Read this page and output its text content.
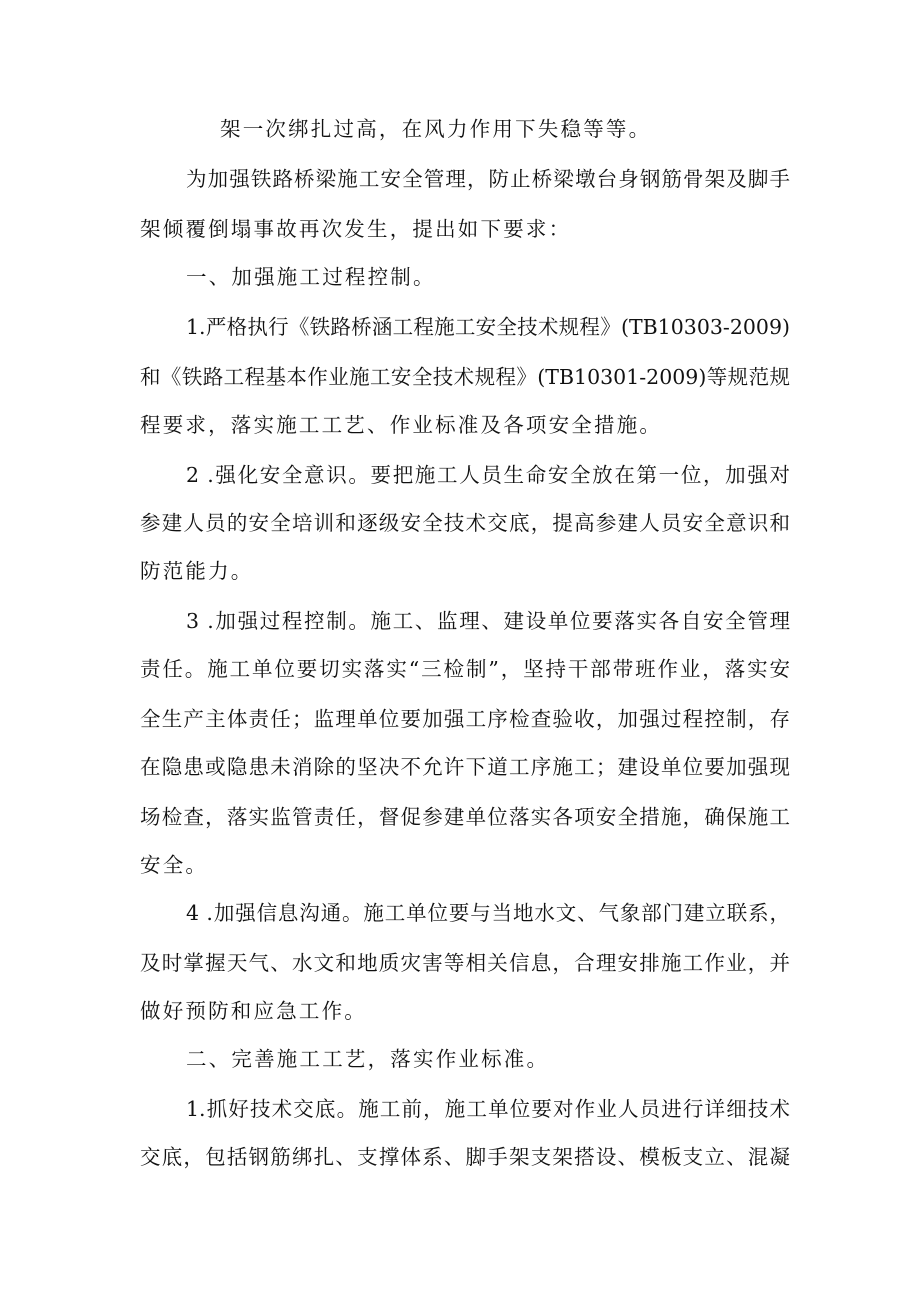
架一次绑扎过高，在风力作用下失稳等等。
为加强铁路桥梁施工安全管理，防止桥梁墩台身钢筋骨架及脚手
架倾覆倒塌事故再次发生，提出如下要求：
一、加强施工过程控制。
1.严格执行《铁路桥涵工程施工安全技术规程》(TB10303-2009)
和《铁路工程基本作业施工安全技术规程》(TB10301-2009)等规范规
程要求，落实施工工艺、作业标准及各项安全措施。
2 .强化安全意识。要把施工人员生命安全放在第一位，加强对
参建人员的安全培训和逐级安全技术交底，提高参建人员安全意识和
防范能力。
3 .加强过程控制。施工、监理、建设单位要落实各自安全管理
责任。施工单位要切实落实“三检制”，坚持干部带班作业，落实安
全生产主体责任；监理单位要加强工序检查验收，加强过程控制，存
在隐患或隐患未消除的坚决不允许下道工序施工；建设单位要加强现
场检查，落实监管责任，督促参建单位落实各项安全措施，确保施工
安全。
4 .加强信息沟通。施工单位要与当地水文、气象部门建立联系，
及时掌握天气、水文和地质灾害等相关信息，合理安排施工作业，并
做好预防和应急工作。
二、完善施工工艺，落实作业标准。
1.抓好技术交底。施工前，施工单位要对作业人员进行详细技术
交底，包括钢筋绑扎、支撑体系、脚手架支架搭设、模板支立、混凝
